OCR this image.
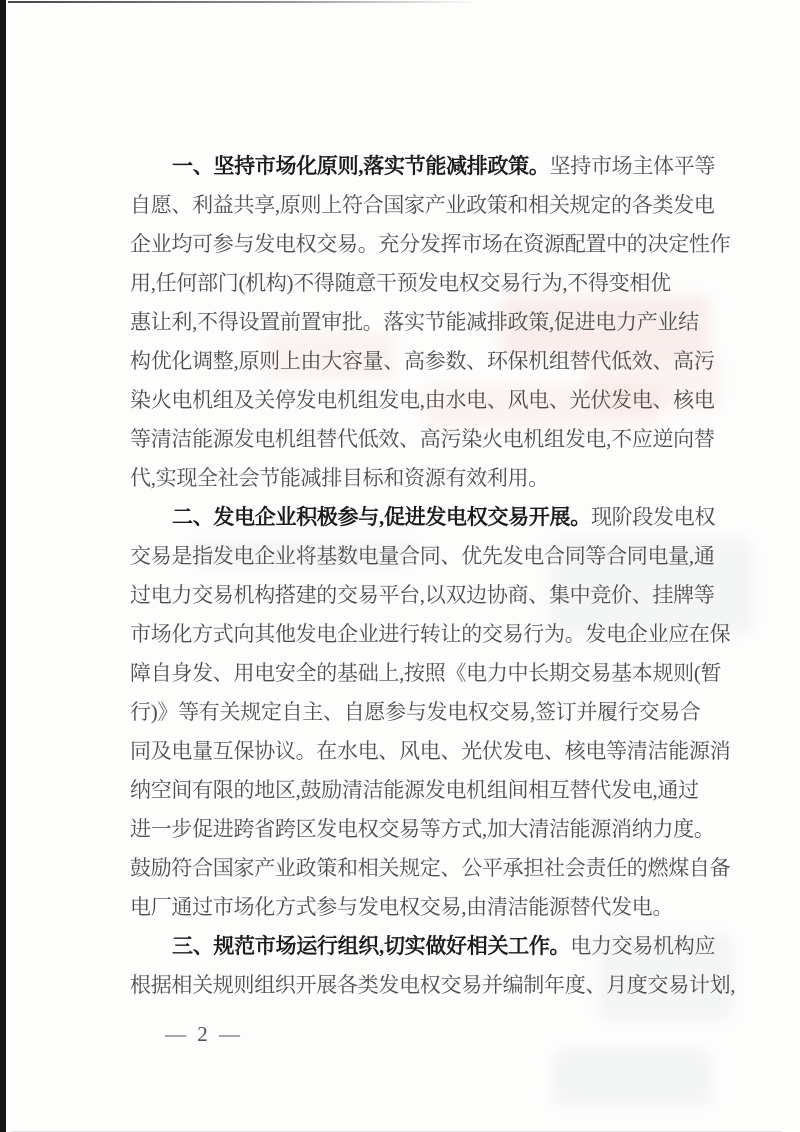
一、坚持市场化原则,落实节能减排政策。坚持市场主体平等
自愿、利益共享,原则上符合国家产业政策和相关规定的各类发电
企业均可参与发电权交易。充分发挥市场在资源配置中的决定性作
用,任何部门(机构)不得随意干预发电权交易行为,不得变相优
惠让利,不得设置前置审批。落实节能减排政策,促进电力产业结
构优化调整,原则上由大容量、高参数、环保机组替代低效、高污
染火电机组及关停发电机组发电,由水电、风电、光伏发电、核电
等清洁能源发电机组替代低效、高污染火电机组发电,不应逆向替
代,实现全社会节能减排目标和资源有效利用。
二、发电企业积极参与,促进发电权交易开展。现阶段发电权
交易是指发电企业将基数电量合同、优先发电合同等合同电量,通
过电力交易机构搭建的交易平台,以双边协商、集中竞价、挂牌等
市场化方式向其他发电企业进行转让的交易行为。发电企业应在保
障自身发、用电安全的基础上,按照《电力中长期交易基本规则(暂
行)》等有关规定自主、自愿参与发电权交易,签订并履行交易合
同及电量互保协议。在水电、风电、光伏发电、核电等清洁能源消
纳空间有限的地区,鼓励清洁能源发电机组间相互替代发电,通过
进一步促进跨省跨区发电权交易等方式,加大清洁能源消纳力度。
鼓励符合国家产业政策和相关规定、公平承担社会责任的燃煤自备
电厂通过市场化方式参与发电权交易,由清洁能源替代发电。
三、规范市场运行组织,切实做好相关工作。电力交易机构应
根据相关规则组织开展各类发电权交易并编制年度、月度交易计划,
— 2 —
